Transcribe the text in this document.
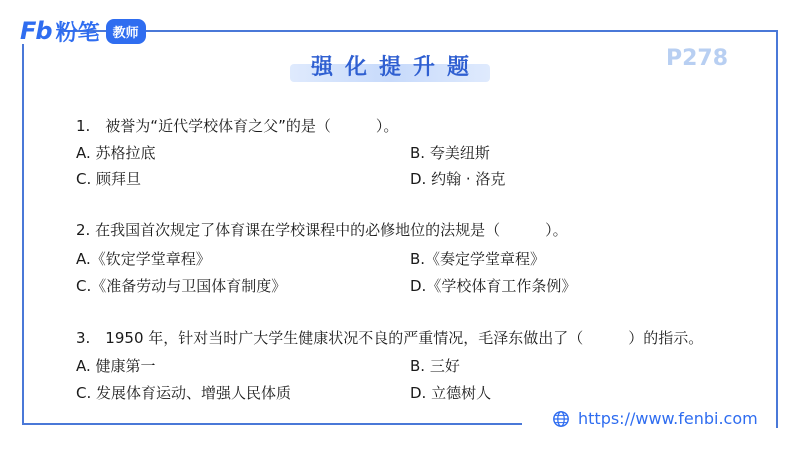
Fb 粉笔	教师
强化提升题	P278
1.　被誉为“近代学校体育之父”的是（　　　）。
A. 苏格拉底	B. 夸美纽斯
C. 顾拜旦	D. 约翰 · 洛克
2. 在我国首次规定了体育课在学校课程中的必修地位的法规是（　　　）。
A.《钦定学堂章程》	B.《奏定学堂章程》
C.《准备劳动与卫国体育制度》	D.《学校体育工作条例》
3.　1950 年，针对当时广大学生健康状况不良的严重情况，毛泽东做出了（　　　）的指示。
A. 健康第一	B. 三好
C. 发展体育运动、增强人民体质	D. 立德树人
https://www.fenbi.com
